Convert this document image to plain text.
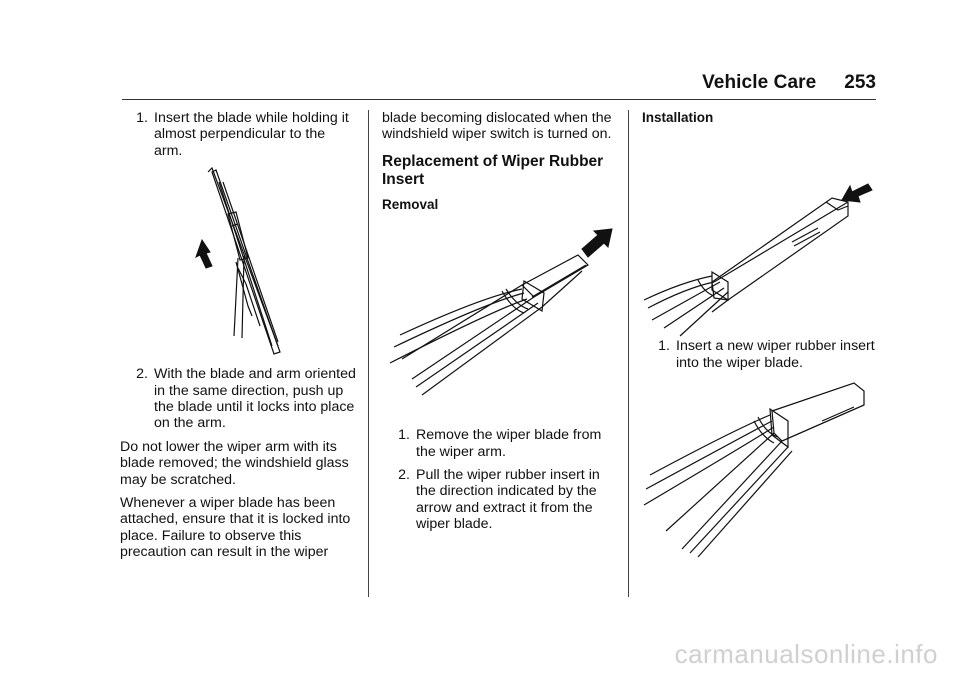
Vehicle Care 253
1. Insert the blade while holding it almost perpendicular to the arm.
2. With the blade and arm oriented in the same direction, push up the blade until it locks into place on the arm.

Do not lower the wiper arm with its blade removed; the windshield glass may be scratched.

Whenever a wiper blade has been attached, ensure that it is locked into place. Failure to observe this precaution can result in the wiper

blade becoming dislocated when the windshield wiper switch is turned on.

Replacement of Wiper Rubber Insert
Removal
1. Remove the wiper blade from the wiper arm.
2. Pull the wiper rubber insert in the direction indicated by the arrow and extract it from the wiper blade.
Installation
1. Insert a new wiper rubber insert into the wiper blade.
carmanualsonline.info
